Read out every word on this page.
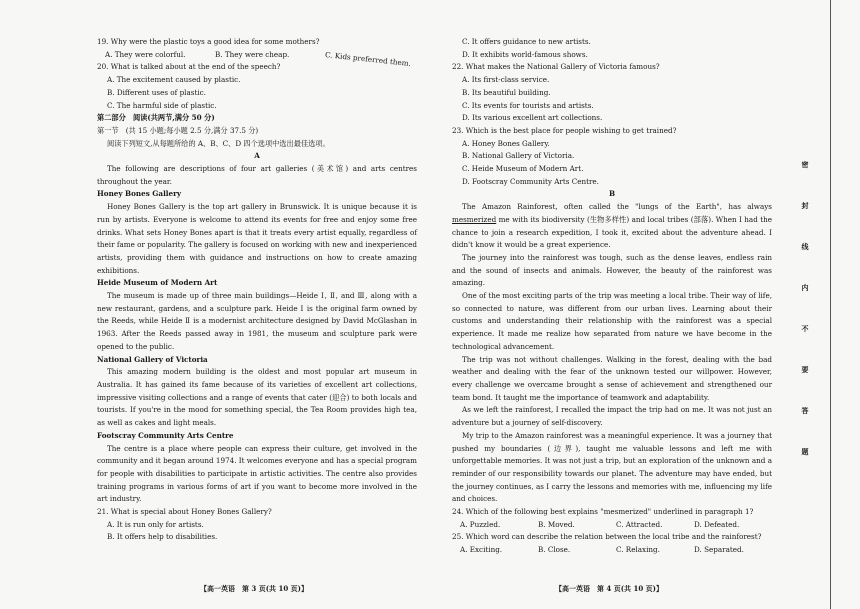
19. Why were the plastic toys a good idea for some mothers?
A. They were colorful.	B. They were cheap.	C. Kids preferred them.
20. What is talked about at the end of the speech?
A. The excitement caused by plastic.
B. Different uses of plastic.
C. The harmful side of plastic.
第二部分　阅读(共两节,满分 50 分)
第一节　(共 15 小题;每小题 2.5 分,满分 37.5 分)
阅读下列短文,从每题所给的 A、B、C、D 四个选项中选出最佳选项。
A
The following are descriptions of four art galleries (美术馆) and arts centres throughout the year.
Honey Bones Gallery
Honey Bones Gallery is the top art gallery in Brunswick. It is unique because it is run by artists. Everyone is welcome to attend its events for free and enjoy some free drinks. What sets Honey Bones apart is that it treats every artist equally, regardless of their fame or popularity. The gallery is focused on working with new and inexperienced artists, providing them with guidance and instructions on how to create amazing exhibitions.
Heide Museum of Modern Art
The museum is made up of three main buildings—Heide Ⅰ, Ⅱ, and Ⅲ, along with a new restaurant, gardens, and a sculpture park. Heide Ⅰ is the original farm owned by the Reeds, while Heide Ⅱ is a modernist architecture designed by David McGlashan in 1963. After the Reeds passed away in 1981, the museum and sculpture park were opened to the public.
National Gallery of Victoria
This amazing modern building is the oldest and most popular art museum in Australia. It has gained its fame because of its varieties of excellent art collections, impressive visiting collections and a range of events that cater (迎合) to both locals and tourists. If you're in the mood for something special, the Tea Room provides high tea, as well as cakes and light meals.
Footscray Community Arts Centre
The centre is a place where people can express their culture, get involved in the community and it began around 1974. It welcomes everyone and has a special program for people with disabilities to participate in artistic activities. The centre also provides training programs in various forms of art if you want to become more involved in the art industry.
21. What is special about Honey Bones Gallery?
A. It is run only for artists.
B. It offers help to disabilities.
【高一英语　第 3 页(共 10 页)】
C. It offers guidance to new artists.
D. It exhibits world-famous shows.
22. What makes the National Gallery of Victoria famous?
A. Its first-class service.
B. Its beautiful building.
C. Its events for tourists and artists.
D. Its various excellent art collections.
23. Which is the best place for people wishing to get trained?
A. Honey Bones Gallery.
B. National Gallery of Victoria.
C. Heide Museum of Modern Art.
D. Footscray Community Arts Centre.
B
The Amazon Rainforest, often called the "lungs of the Earth", has always mesmerized me with its biodiversity (生物多样性) and local tribes (部落). When I had the chance to join a research expedition, I took it, excited about the adventure ahead. I didn't know it would be a great experience.
The journey into the rainforest was tough, such as the dense leaves, endless rain and the sound of insects and animals. However, the beauty of the rainforest was amazing.
One of the most exciting parts of the trip was meeting a local tribe. Their way of life, so connected to nature, was different from our urban lives. Learning about their customs and understanding their relationship with the rainforest was a special experience. It made me realize how separated from nature we have become in the technological advancement.
The trip was not without challenges. Walking in the forest, dealing with the bad weather and dealing with the fear of the unknown tested our willpower. However, every challenge we overcame brought a sense of achievement and strengthened our team bond. It taught me the importance of teamwork and adaptability.
As we left the rainforest, I recalled the impact the trip had on me. It was not just an adventure but a journey of self-discovery.
My trip to the Amazon rainforest was a meaningful experience. It was a journey that pushed my boundaries (边界), taught me valuable lessons and left me with unforgettable memories. It was not just a trip, but an exploration of the unknown and a reminder of our responsibility towards our planet. The adventure may have ended, but the journey continues, as I carry the lessons and memories with me, influencing my life and choices.
24. Which of the following best explains "mesmerized" underlined in paragraph 1?
A. Puzzled.	B. Moved.	C. Attracted.	D. Defeated.
25. Which word can describe the relation between the local tribe and the rainforest?
A. Exciting.	B. Close.	C. Relaxing.	D. Separated.
【高一英语　第 4 页(共 10 页)】
密
封
线
内
不
要
答
题
